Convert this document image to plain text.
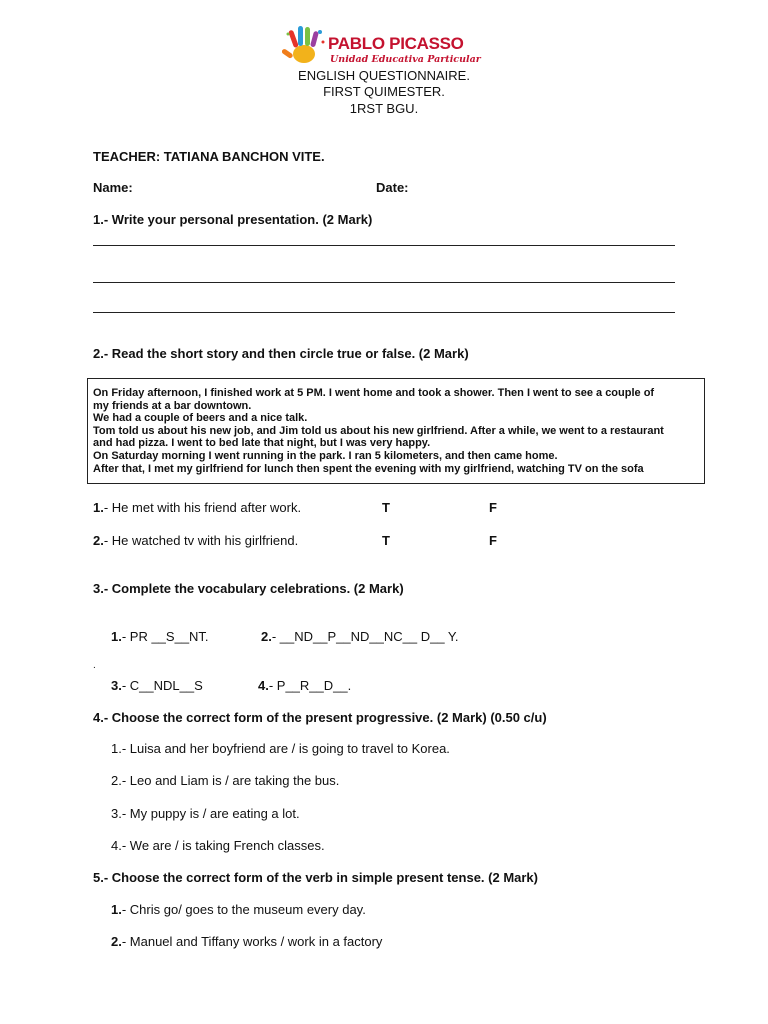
PABLO PICASSO
Unidad Educativa Particular
ENGLISH QUESTIONNAIRE.
FIRST QUIMESTER.
1RST BGU.
TEACHER: TATIANA BANCHON VITE.
Name:	Date:
1.- Write your personal presentation. (2 Mark)
2.- Read the short story and then circle true or false. (2 Mark)
On Friday afternoon, I finished work at 5 PM. I went home and took a shower. Then I went to see a couple of
my friends at a bar downtown.
We had a couple of beers and a nice talk.
Tom told us about his new job, and Jim told us about his new girlfriend. After a while, we went to a restaurant
and had pizza. I went to bed late that night, but I was very happy.
On Saturday morning I went running in the park. I ran 5 kilometers, and then came home.
After that, I met my girlfriend for lunch then spent the evening with my girlfriend, watching TV on the sofa
1.- He met with his friend after work.	T	F
2.- He watched tv with his girlfriend.	T	F
3.- Complete the vocabulary celebrations. (2 Mark)
1.- PR __S__NT.	2.- __ND__P__ND__NC__ D__ Y.
.
3.- C__NDL__S	4.- P__R__D__.
4.- Choose the correct form of the present progressive. (2 Mark) (0.50 c/u)
1.- Luisa and her boyfriend are / is going to travel to Korea.
2.- Leo and Liam is / are taking the bus.
3.- My puppy is / are eating a lot.
4.- We are / is taking French classes.
5.- Choose the correct form of the verb in simple present tense. (2 Mark)
1.- Chris go/ goes to the museum every day.
2.- Manuel and Tiffany works / work in a factory
